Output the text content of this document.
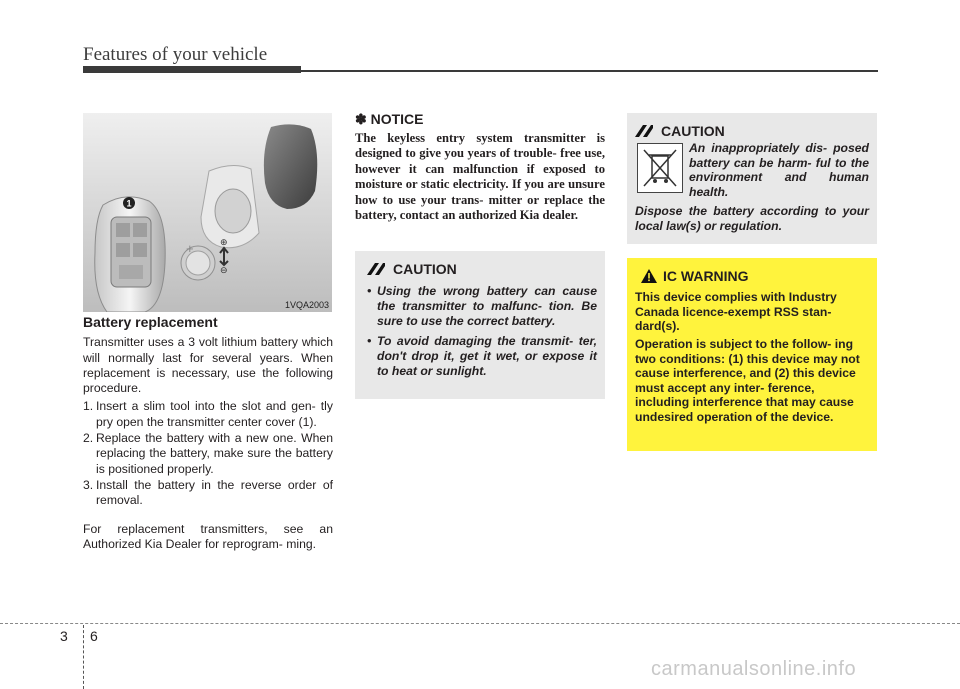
Features of your vehicle
1
+	⊕
⊖
1VQA2003
Battery replacement

Transmitter uses a 3 volt lithium battery which will normally last for several years. When replacement is necessary, use the following procedure.

1. Insert a slim tool into the slot and gen- tly pry open the transmitter center cover (1).
2. Replace the battery with a new one. When replacing the battery, make sure the battery is positioned properly.
3. Install the battery in the reverse order of removal.

For replacement transmitters, see an Authorized Kia Dealer for reprogram- ming.

✽ NOTICE
The keyless entry system transmitter is designed to give you years of trouble- free use, however it can malfunction if exposed to moisture or static electricity. If you are unsure how to use your trans- mitter or replace the battery, contact an authorized Kia dealer.
CAUTION
• Using the wrong battery can cause the transmitter to malfunc- tion. Be sure to use the correct battery.
• To avoid damaging the transmit- ter, don't drop it, get it wet, or expose it to heat or sunlight.
CAUTION
An inappropriately dis- posed battery can be harm- ful to the environment and human health.
Dispose the battery according to your local law(s) or regulation.
IC WARNING
This device complies with Industry Canada licence-exempt RSS stan- dard(s).
Operation is subject to the follow- ing two conditions: (1) this device may not cause interference, and (2) this device must accept any inter- ference, including interference that may cause undesired operation of the device.
3 6
carmanualsonline.info
